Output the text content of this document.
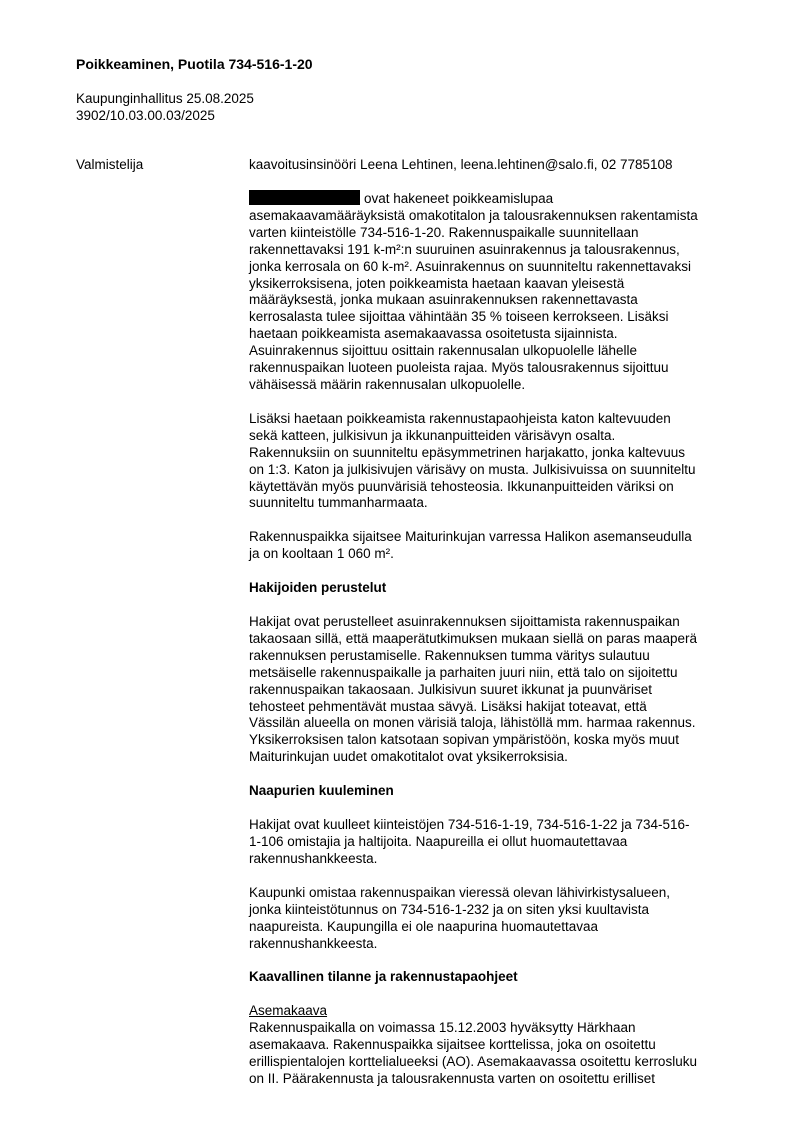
Poikkeaminen, Puotila 734-516-1-20
Kaupunginhallitus 25.08.2025
3902/10.03.00.03/2025
Valmistelija	kaavoitusinsinööri Leena Lehtinen, leena.lehtinen@salo.fi, 02 7785108

ovat hakeneet poikkeamislupaa
asemakaavamääräyksistä omakotitalon ja talousrakennuksen rakentamista
varten kiinteistölle 734-516-1-20. Rakennuspaikalle suunnitellaan
rakennettavaksi 191 k-m²:n suuruinen asuinrakennus ja talousrakennus,
jonka kerrosala on 60 k-m². Asuinrakennus on suunniteltu rakennettavaksi
yksikerroksisena, joten poikkeamista haetaan kaavan yleisestä
määräyksestä, jonka mukaan asuinrakennuksen rakennettavasta
kerrosalasta tulee sijoittaa vähintään 35 % toiseen kerrokseen. Lisäksi
haetaan poikkeamista asemakaavassa osoitetusta sijainnista.
Asuinrakennus sijoittuu osittain rakennusalan ulkopuolelle lähelle
rakennuspaikan luoteen puoleista rajaa. Myös talousrakennus sijoittuu
vähäisessä määrin rakennusalan ulkopuolelle.

Lisäksi haetaan poikkeamista rakennustapaohjeista katon kaltevuuden
sekä katteen, julkisivun ja ikkunanpuitteiden värisävyn osalta.
Rakennuksiin on suunniteltu epäsymmetrinen harjakatto, jonka kaltevuus
on 1:3. Katon ja julkisivujen värisävy on musta. Julkisivuissa on suunniteltu
käytettävän myös puunvärisiä tehosteosia. Ikkunanpuitteiden väriksi on
suunniteltu tummanharmaata.

Rakennuspaikka sijaitsee Maiturinkujan varressa Halikon asemanseudulla
ja on kooltaan 1 060 m².

Hakijoiden perustelut

Hakijat ovat perustelleet asuinrakennuksen sijoittamista rakennuspaikan
takaosaan sillä, että maaperätutkimuksen mukaan siellä on paras maaperä
rakennuksen perustamiselle. Rakennuksen tumma väritys sulautuu
metsäiselle rakennuspaikalle ja parhaiten juuri niin, että talo on sijoitettu
rakennuspaikan takaosaan. Julkisivun suuret ikkunat ja puunväriset
tehosteet pehmentävät mustaa sävyä. Lisäksi hakijat toteavat, että
Vässilän alueella on monen värisiä taloja, lähistöllä mm. harmaa rakennus.
Yksikerroksisen talon katsotaan sopivan ympäristöön, koska myös muut
Maiturinkujan uudet omakotitalot ovat yksikerroksisia.

Naapurien kuuleminen

Hakijat ovat kuulleet kiinteistöjen 734-516-1-19, 734-516-1-22 ja 734-516-
1-106 omistajia ja haltijoita. Naapureilla ei ollut huomautettavaa
rakennushankkeesta.

Kaupunki omistaa rakennuspaikan vieressä olevan lähivirkistysalueen,
jonka kiinteistötunnus on 734-516-1-232 ja on siten yksi kuultavista
naapureista. Kaupungilla ei ole naapurina huomautettavaa
rakennushankkeesta.

Kaavallinen tilanne ja rakennustapaohjeet

Asemakaava

Rakennuspaikalla on voimassa 15.12.2003 hyväksytty Härkhaan
asemakaava. Rakennuspaikka sijaitsee korttelissa, joka on osoitettu
erillispientalojen korttelialueeksi (AO). Asemakaavassa osoitettu kerrosluku
on II. Päärakennusta ja talousrakennusta varten on osoitettu erilliset
